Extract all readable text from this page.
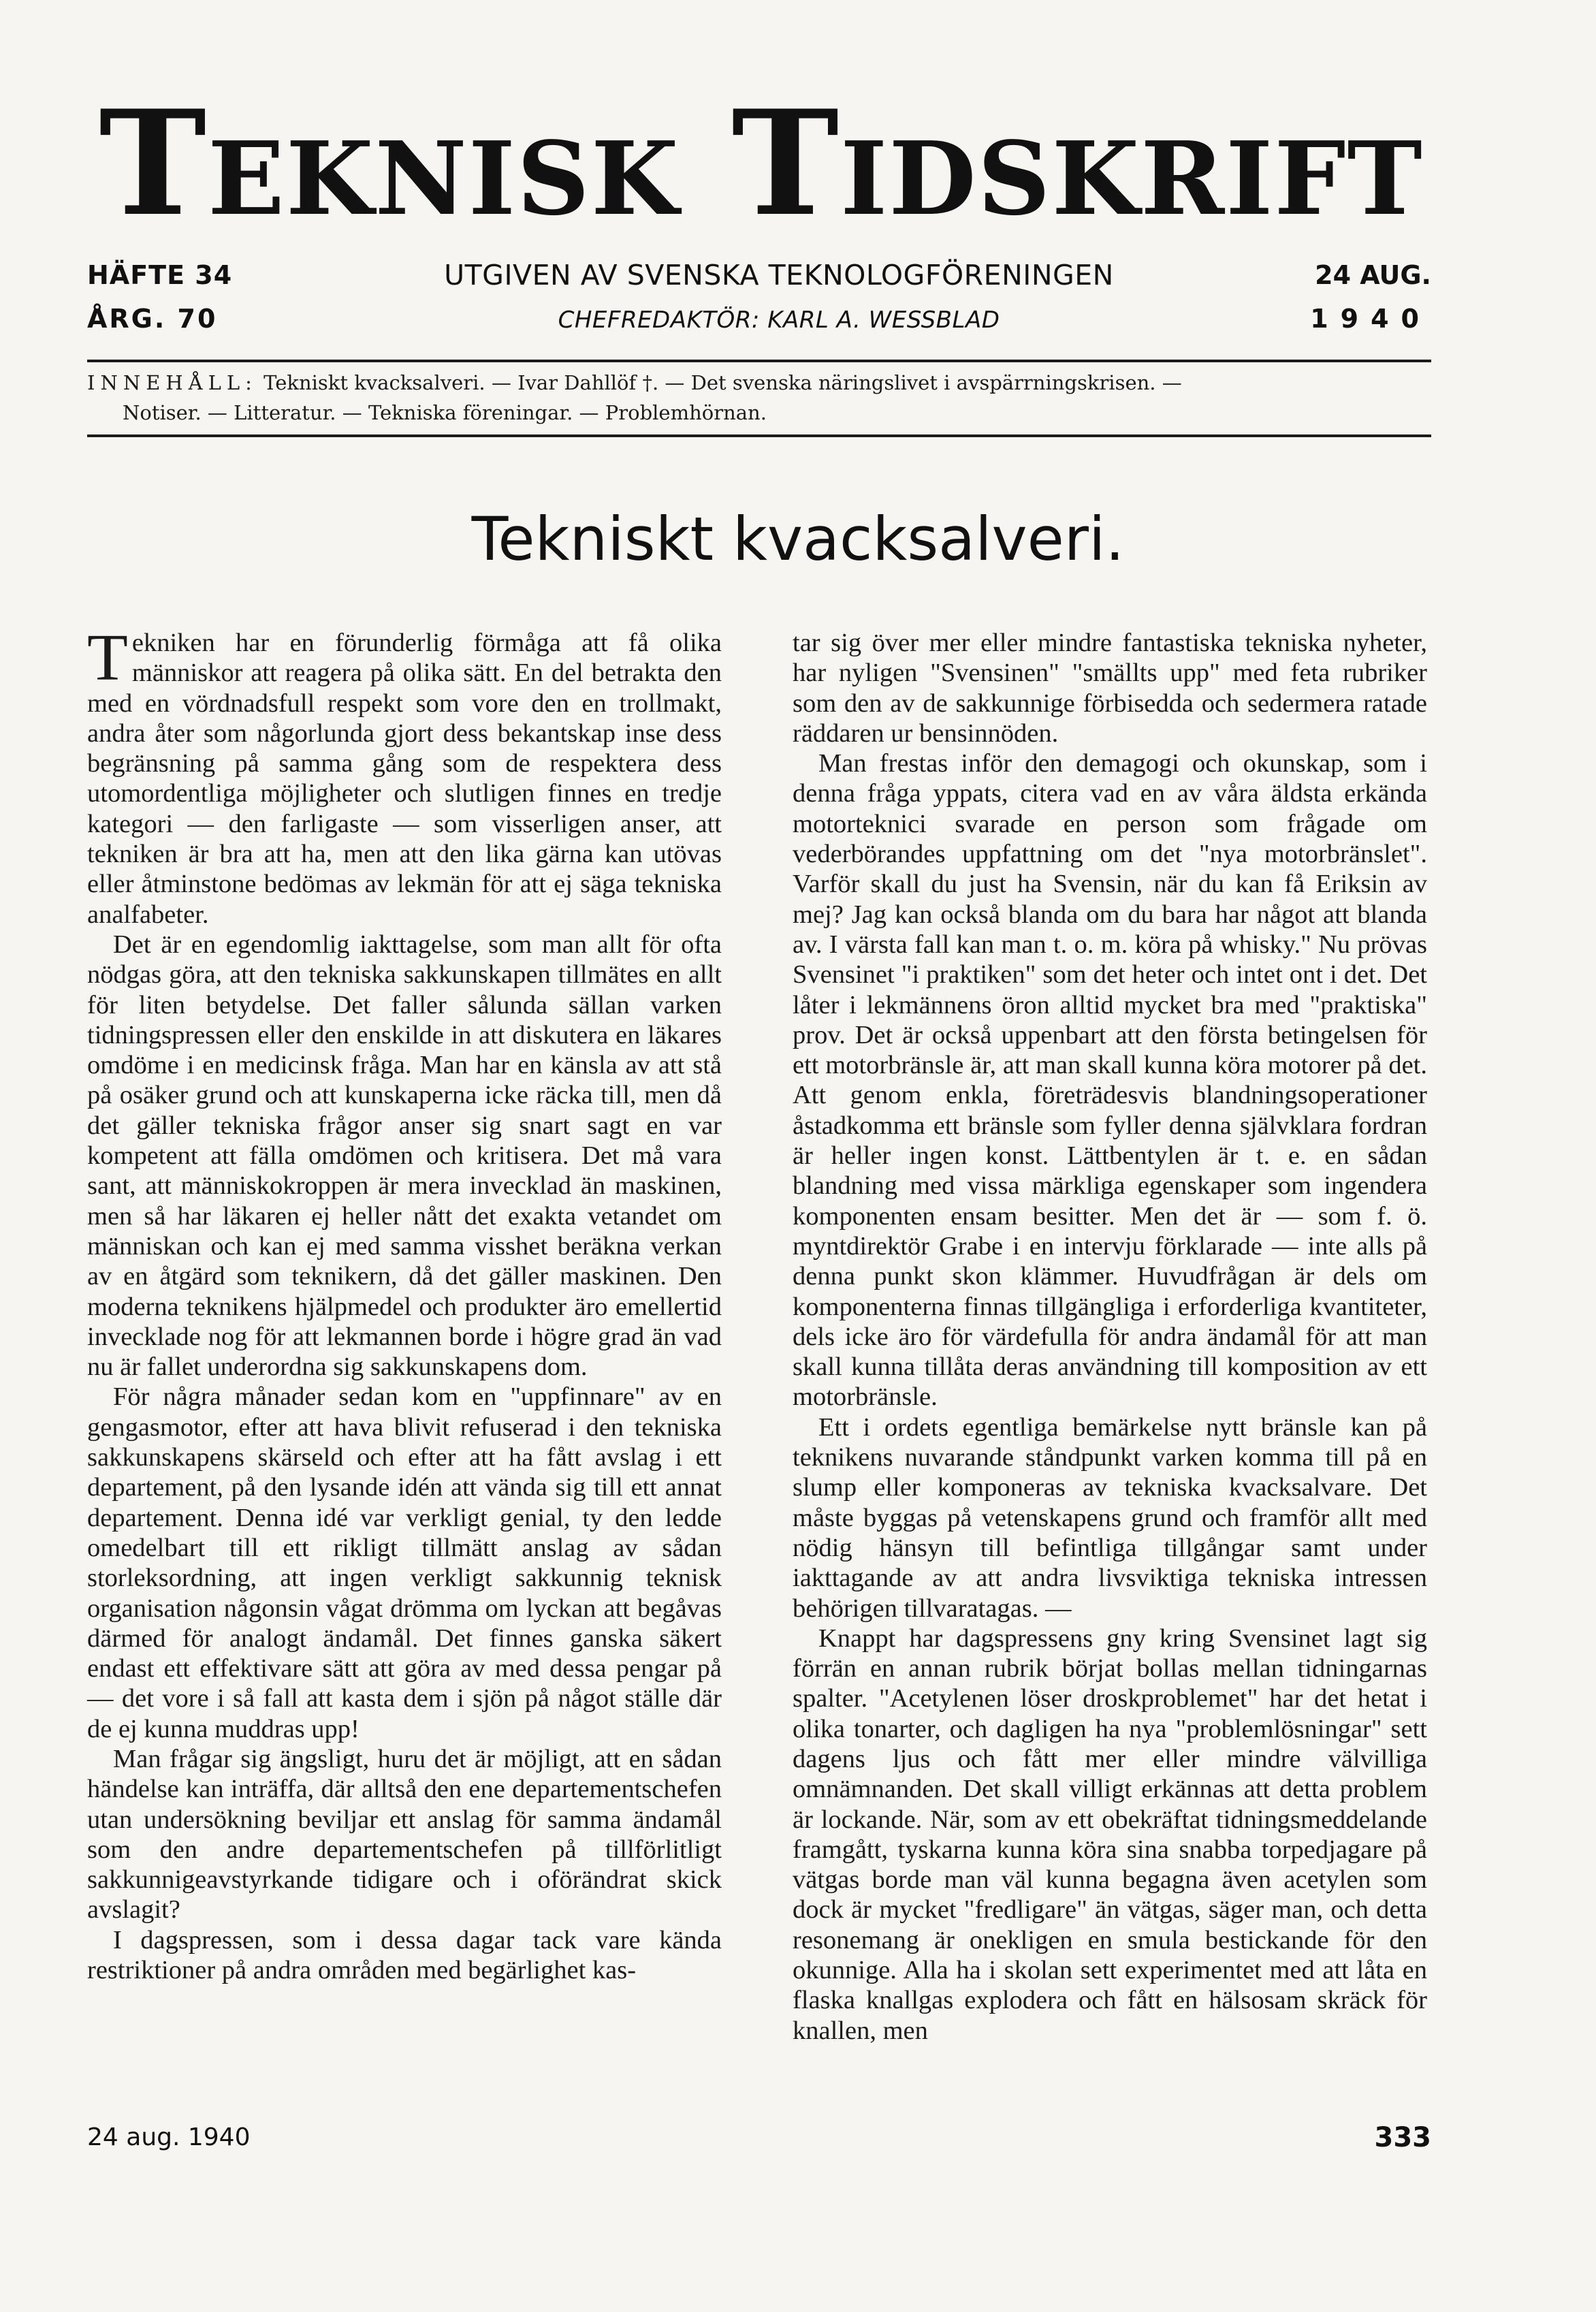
Teknisk Tidskrift
HÄFTE 34	UTGIVEN AV SVENSKA TEKNOLOGFÖRENINGEN	24 AUG.
ÅRG. 70	CHEFREDAKTÖR: KARL A. WESSBLAD	1940
INNEHÅLL: Tekniskt kvacksalveri. — Ivar Dahllöf †. — Det svenska näringslivet i avspärrningskrisen. —
Notiser. — Litteratur. — Tekniska föreningar. — Problemhörnan.
Tekniskt kvacksalveri.

Tekniken har en förunderlig förmåga att få olika människor att reagera på olika sätt. En del betrakta den med en vördnadsfull respekt som vore den en trollmakt, andra åter som någorlunda gjort dess bekantskap inse dess begränsning på samma gång som de respektera dess utomordentliga möjligheter och slutligen finnes en tredje kategori — den farligaste — som visserligen anser, att tekniken är bra att ha, men att den lika gärna kan utövas eller åtminstone bedömas av lekmän för att ej säga tekniska analfabeter.

Det är en egendomlig iakttagelse, som man allt för ofta nödgas göra, att den tekniska sakkunskapen tillmätes en allt för liten betydelse. Det faller sålunda sällan varken tidningspressen eller den enskilde in att diskutera en läkares omdöme i en medicinsk fråga. Man har en känsla av att stå på osäker grund och att kunskaperna icke räcka till, men då det gäller tekniska frågor anser sig snart sagt en var kompetent att fälla omdömen och kritisera. Det må vara sant, att människokroppen är mera invecklad än maskinen, men så har läkaren ej heller nått det exakta vetandet om människan och kan ej med samma visshet beräkna verkan av en åtgärd som teknikern, då det gäller maskinen. Den moderna teknikens hjälpmedel och produkter äro emellertid invecklade nog för att lekmannen borde i högre grad än vad nu är fallet underordna sig sakkunskapens dom.

För några månader sedan kom en "uppfinnare" av en gengasmotor, efter att hava blivit refuserad i den tekniska sakkunskapens skärseld och efter att ha fått avslag i ett departement, på den lysande idén att vända sig till ett annat departement. Denna idé var verkligt genial, ty den ledde omedelbart till ett rikligt tillmätt anslag av sådan storleksordning, att ingen verkligt sakkunnig teknisk organisation någonsin vågat drömma om lyckan att begåvas därmed för analogt ändamål. Det finnes ganska säkert endast ett effektivare sätt att göra av med dessa pengar på — det vore i så fall att kasta dem i sjön på något ställe där de ej kunna muddras upp!

Man frågar sig ängsligt, huru det är möjligt, att en sådan händelse kan inträffa, där alltså den ene departementschefen utan undersökning beviljar ett anslag för samma ändamål som den andre departementschefen på tillförlitligt sakkunnigeavstyrkande tidigare och i oförändrat skick avslagit?

I dagspressen, som i dessa dagar tack vare kända restriktioner på andra områden med begärlighet kas-

tar sig över mer eller mindre fantastiska tekniska nyheter, har nyligen "Svensinen" "smällts upp" med feta rubriker som den av de sakkunnige förbisedda och sedermera ratade räddaren ur bensinnöden.

Man frestas inför den demagogi och okunskap, som i denna fråga yppats, citera vad en av våra äldsta erkända motorteknici svarade en person som frågade om vederbörandes uppfattning om det "nya motorbränslet". Varför skall du just ha Svensin, när du kan få Eriksin av mej? Jag kan också blanda om du bara har något att blanda av. I värsta fall kan man t. o. m. köra på whisky." Nu prövas Svensinet "i praktiken" som det heter och intet ont i det. Det låter i lekmännens öron alltid mycket bra med "praktiska" prov. Det är också uppenbart att den första betingelsen för ett motorbränsle är, att man skall kunna köra motorer på det. Att genom enkla, företrädesvis blandningsoperationer åstadkomma ett bränsle som fyller denna självklara fordran är heller ingen konst. Lättbentylen är t. e. en sådan blandning med vissa märkliga egenskaper som ingendera komponenten ensam besitter. Men det är — som f. ö. myntdirektör Grabe i en intervju förklarade — inte alls på denna punkt skon klämmer. Huvudfrågan är dels om komponenterna finnas tillgängliga i erforderliga kvantiteter, dels icke äro för värdefulla för andra ändamål för att man skall kunna tillåta deras användning till komposition av ett motorbränsle.

Ett i ordets egentliga bemärkelse nytt bränsle kan på teknikens nuvarande ståndpunkt varken komma till på en slump eller komponeras av tekniska kvacksalvare. Det måste byggas på vetenskapens grund och framför allt med nödig hänsyn till befintliga tillgångar samt under iakttagande av att andra livsviktiga tekniska intressen behörigen tillvaratagas. —

Knappt har dagspressens gny kring Svensinet lagt sig förrän en annan rubrik börjat bollas mellan tidningarnas spalter. "Acetylenen löser droskproblemet" har det hetat i olika tonarter, och dagligen ha nya "problemlösningar" sett dagens ljus och fått mer eller mindre välvilliga omnämnanden. Det skall villigt erkännas att detta problem är lockande. När, som av ett obekräftat tidningsmeddelande framgått, tyskarna kunna köra sina snabba torpedjagare på vätgas borde man väl kunna begagna även acetylen som dock är mycket "fredligare" än vätgas, säger man, och detta resonemang är onekligen en smula bestickande för den okunnige. Alla ha i skolan sett experimentet med att låta en flaska knallgas explodera och fått en hälsosam skräck för knallen, men

24 aug. 1940	333
